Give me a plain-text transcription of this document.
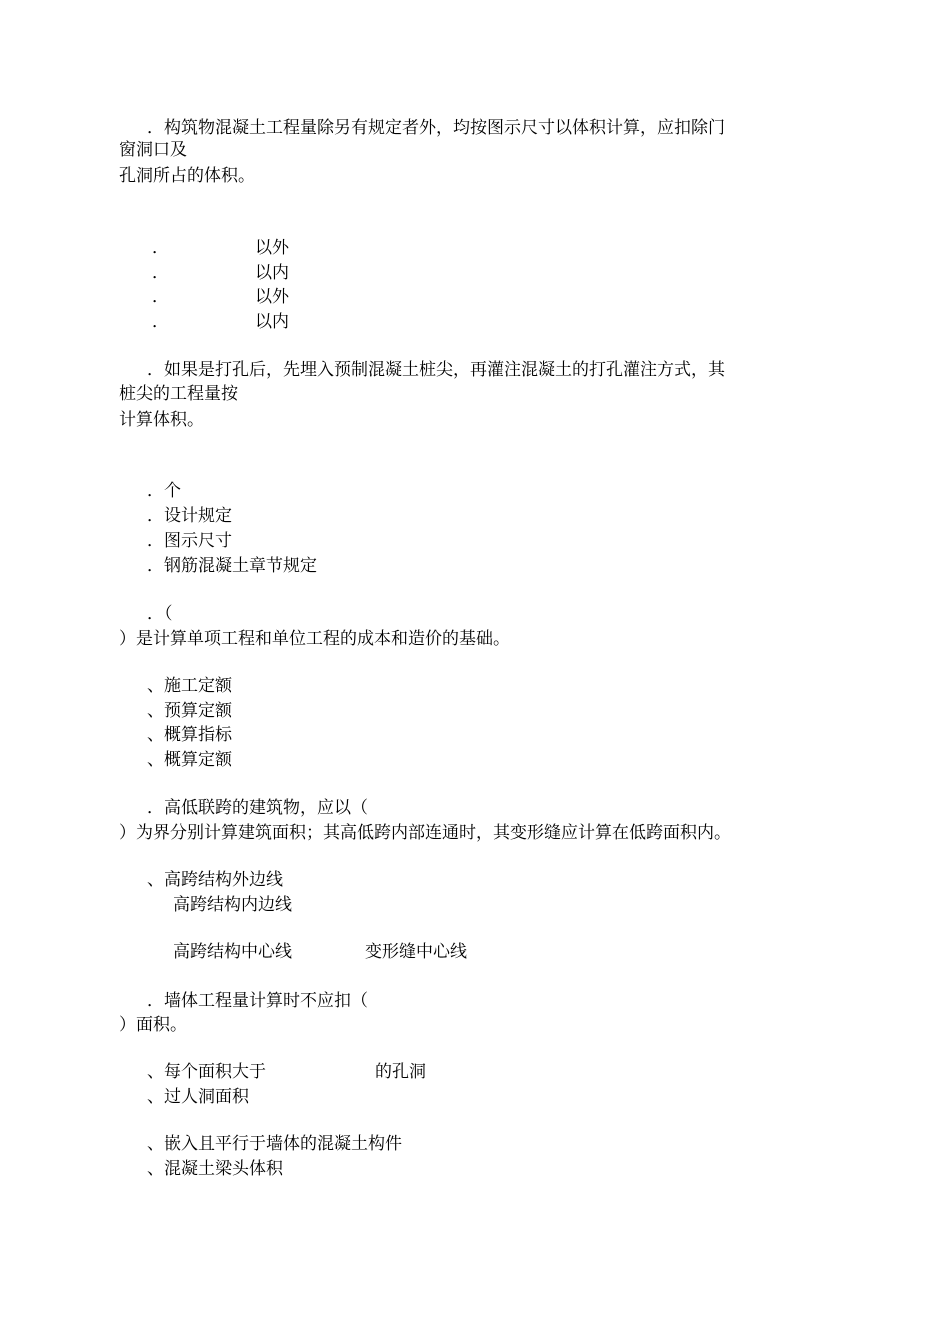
．构筑物混凝土工程量除另有规定者外，均按图示尺寸以体积计算，应扣除门
窗洞口及
孔洞所占的体积。
．	以外
．	以内
．	以外
．	以内
．如果是打孔后，先埋入预制混凝土桩尖，再灌注混凝土的打孔灌注方式，其
桩尖的工程量按
计算体积。
．个
．设计规定
．图示尺寸
．钢筋混凝土章节规定
．（
）是计算单项工程和单位工程的成本和造价的基础。
、施工定额
、预算定额
、概算指标
、概算定额
．高低联跨的建筑物，应以（
）为界分别计算建筑面积；其高低跨内部连通时，其变形缝应计算在低跨面积内。
、高跨结构外边线
高跨结构内边线
高跨结构中心线	变形缝中心线
．墙体工程量计算时不应扣（
）面积。
、每个面积大于	的孔洞
、过人洞面积
、嵌入且平行于墙体的混凝土构件
、混凝土梁头体积
